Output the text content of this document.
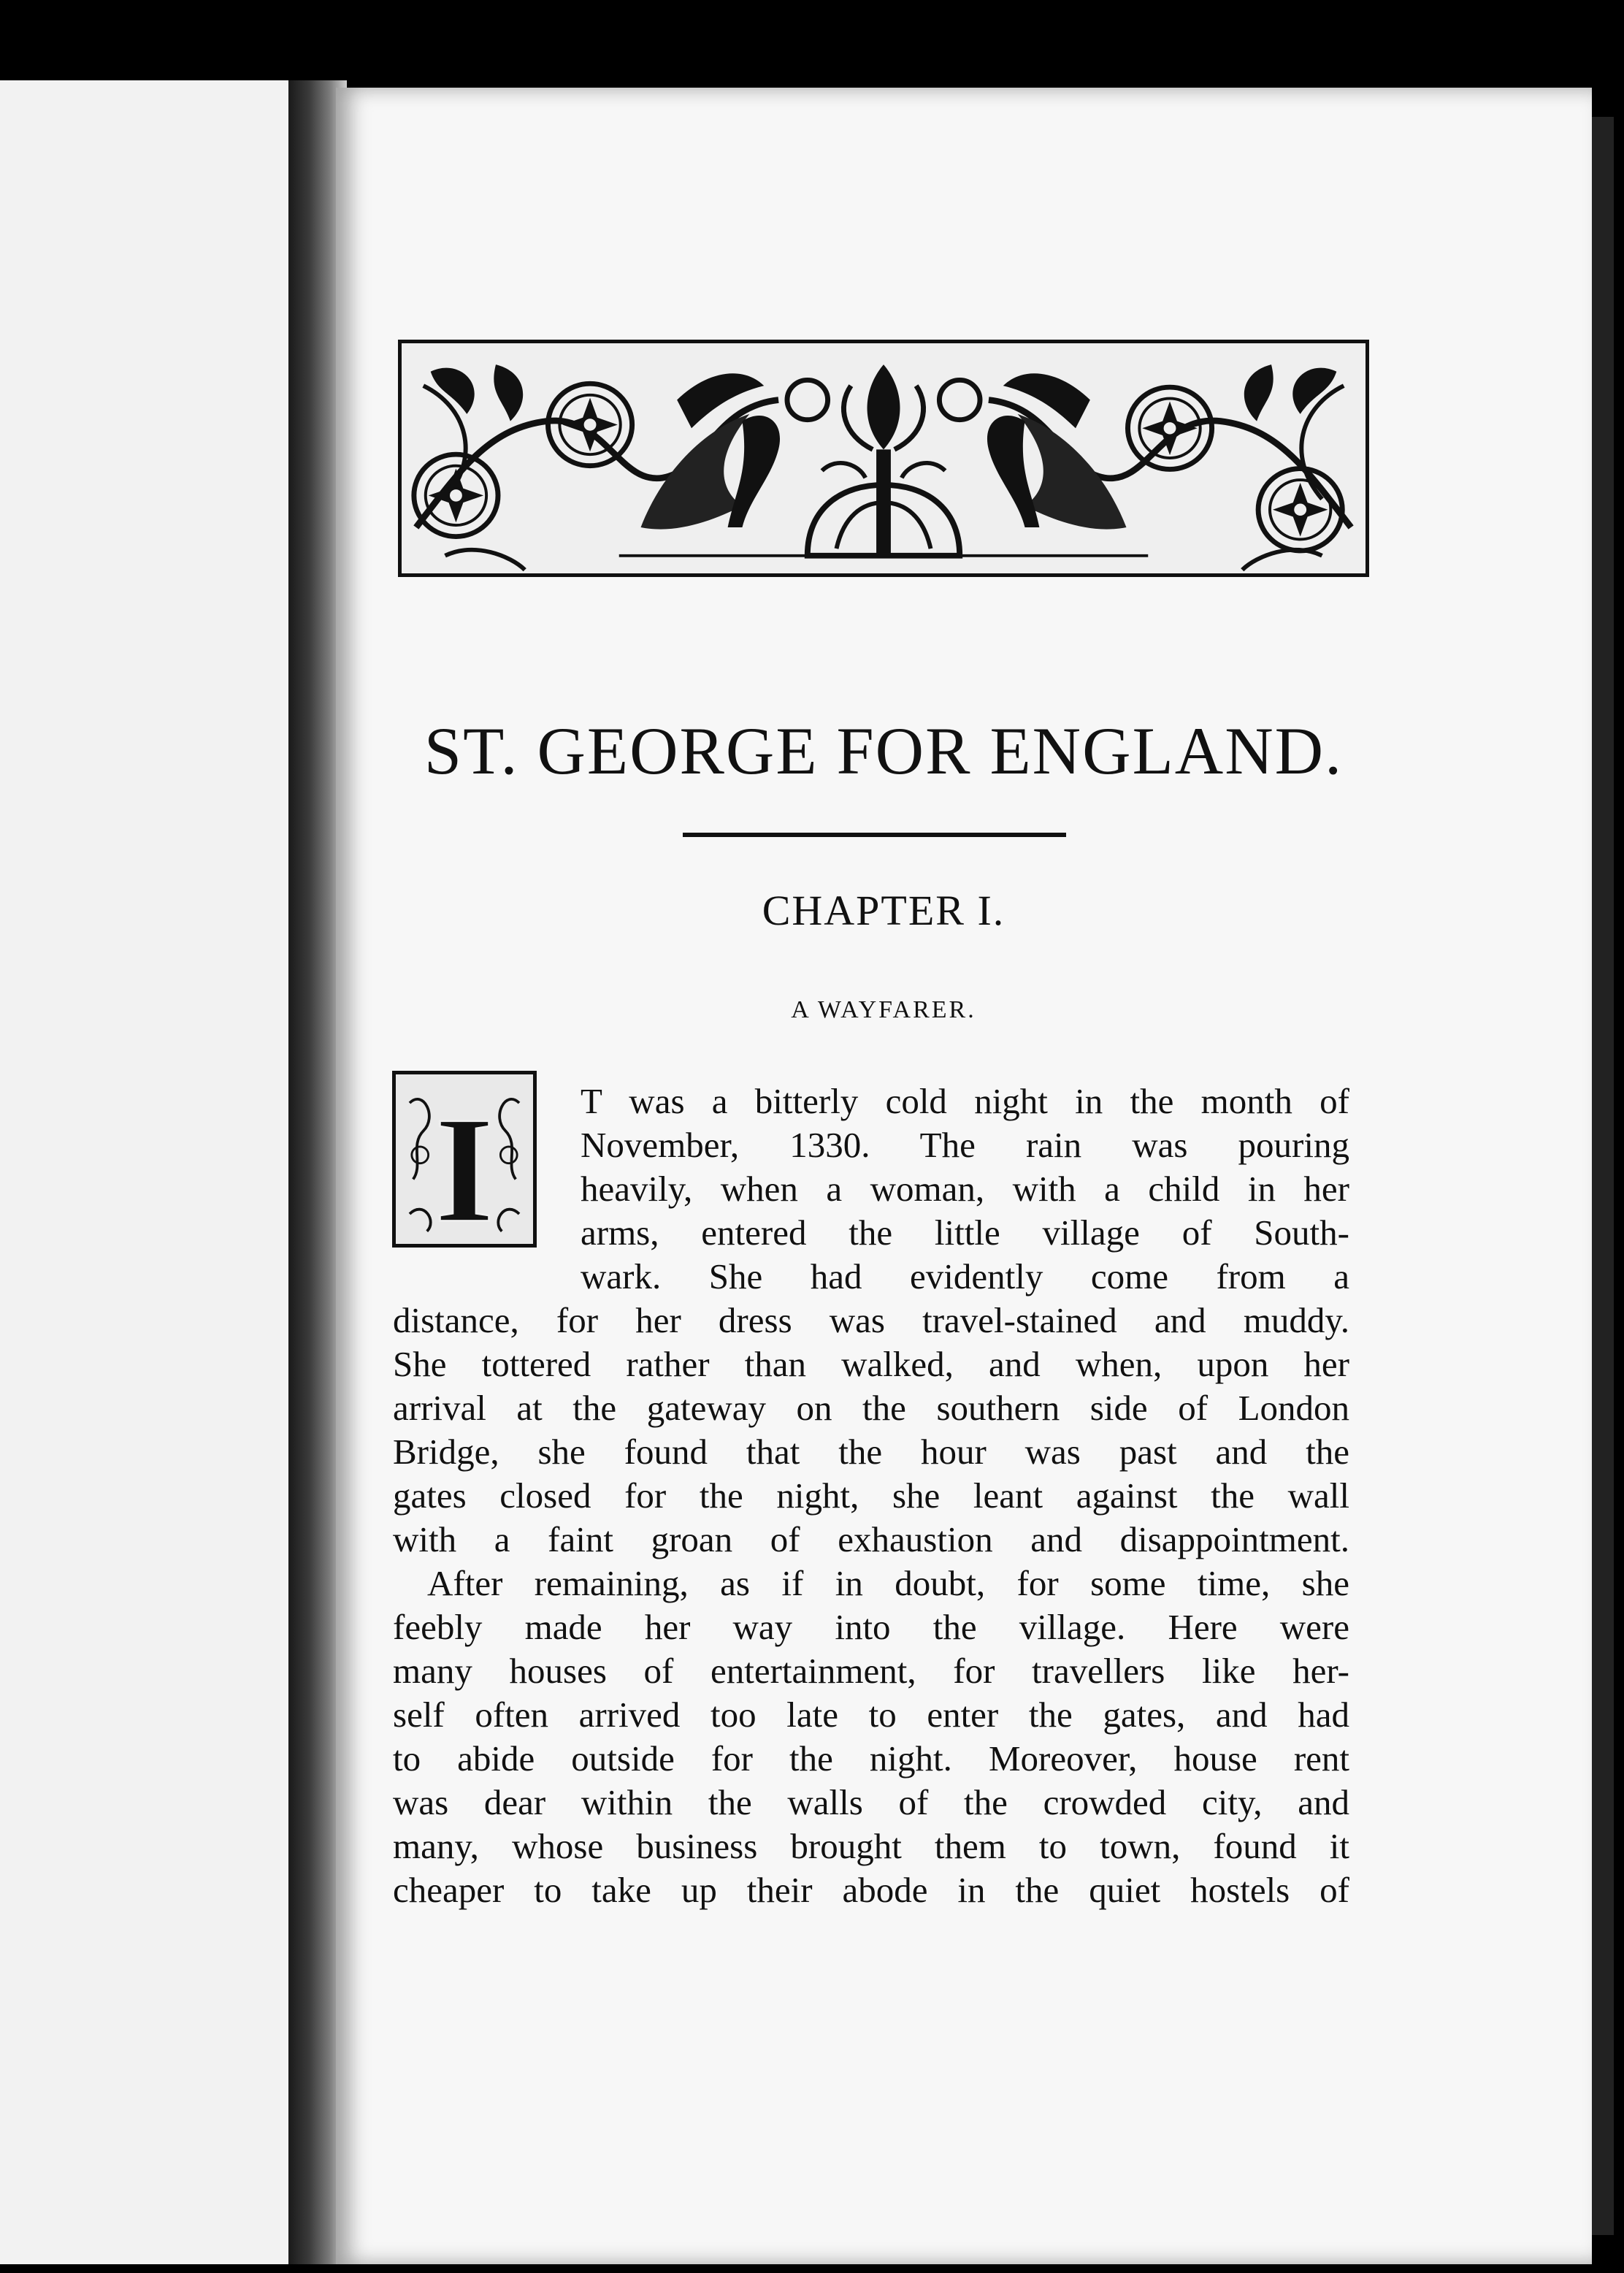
ST. GEORGE FOR ENGLAND.
CHAPTER I.
A WAYFARER.
I T was a bitterly cold night in the month of
November, 1330. The rain was pouring
heavily, when a woman, with a child in her
arms, entered the little village of South-
wark. She had evidently come from a
distance, for her dress was travel-stained and muddy.
She tottered rather than walked, and when, upon her
arrival at the gateway on the southern side of London
Bridge, she found that the hour was past and the
gates closed for the night, she leant against the wall
with a faint groan of exhaustion and disappointment.
After remaining, as if in doubt, for some time, she
feebly made her way into the village. Here were
many houses of entertainment, for travellers like her-
self often arrived too late to enter the gates, and had
to abide outside for the night. Moreover, house rent
was dear within the walls of the crowded city, and
many, whose business brought them to town, found it
cheaper to take up their abode in the quiet hostels of
